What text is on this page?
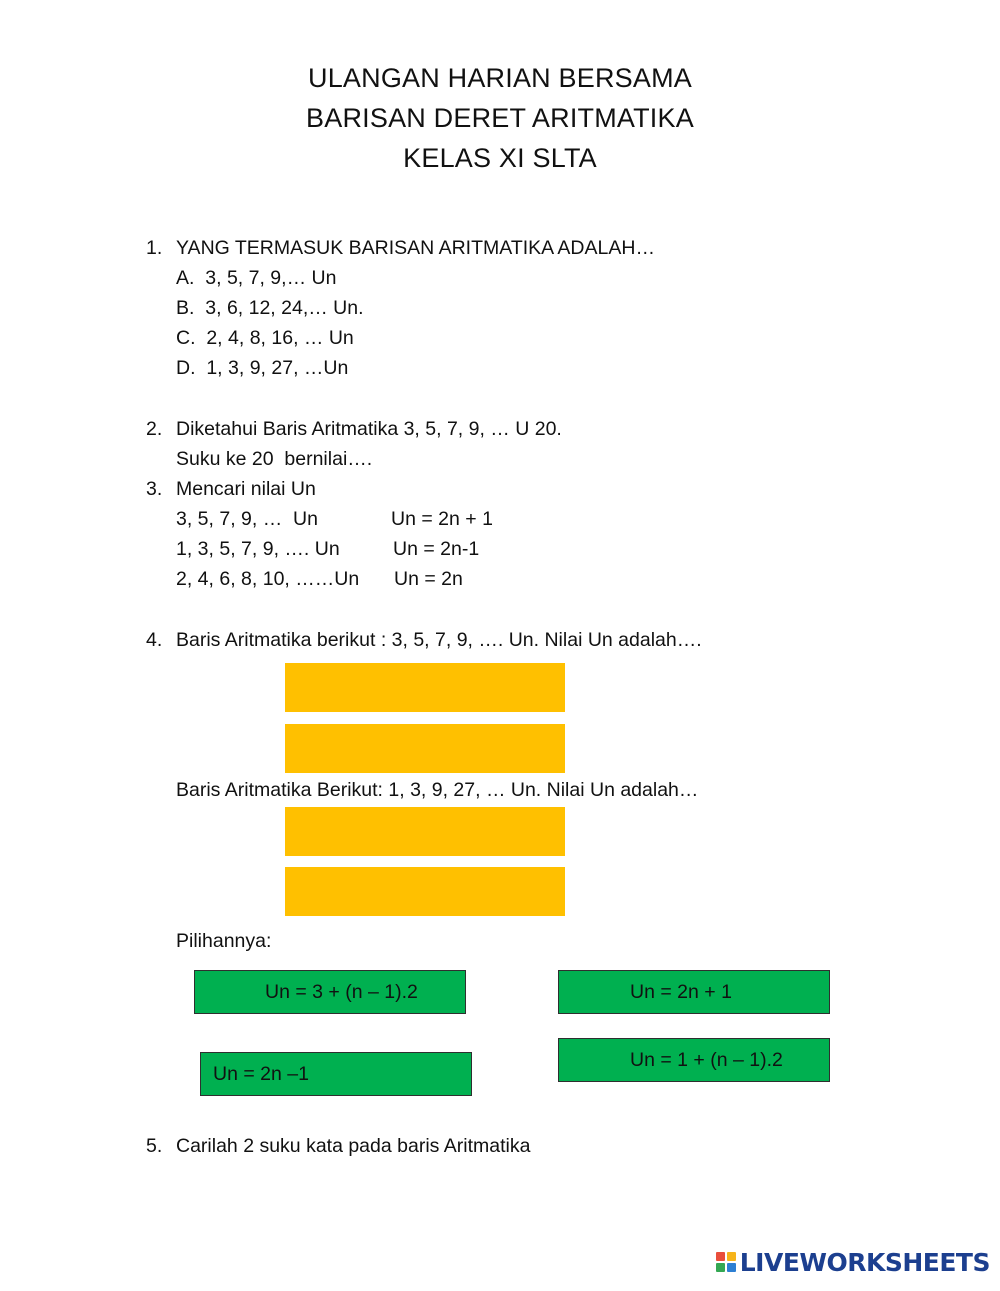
ULANGAN HARIAN BERSAMA
BARISAN DERET ARITMATIKA
KELAS XI SLTA
1. YANG TERMASUK BARISAN ARITMATIKA ADALAH…
A.  3, 5, 7, 9,… Un
B.  3, 6, 12, 24,… Un.
C.  2, 4, 8, 16, … Un
D.  1, 3, 9, 27, …Un
2. Diketahui Baris Aritmatika 3, 5, 7, 9, … U 20.
Suku ke 20  bernilai….
3. Mencari nilai Un
3, 5, 7, 9, …  Un	Un = 2n + 1
1, 3, 5, 7, 9, …. Un	Un = 2n-1
2, 4, 6, 8, 10, ……Un Un = 2n
4. Baris Aritmatika berikut : 3, 5, 7, 9, …. Un. Nilai Un adalah….
Baris Aritmatika Berikut: 1, 3, 9, 27, … Un. Nilai Un adalah…
Pilihannya:
Un = 3 + (n – 1).2	Un = 2n + 1
Un = 2n –1
Un = 1 + (n – 1).2
5. Carilah 2 suku kata pada baris Aritmatika
LIVEWORKSHEETS
